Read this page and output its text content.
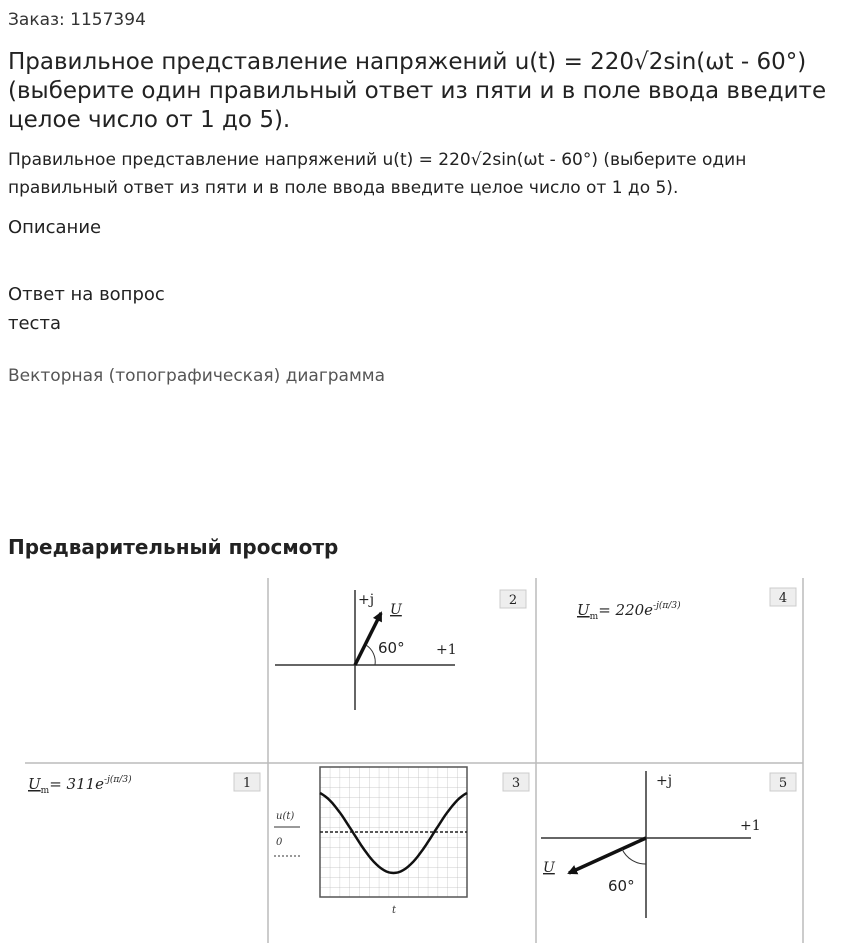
Заказ: 1157394
Правильное представление напряжений u(t) = 220√2sin(ωt - 60°) (выберите один правильный ответ из пяти и в поле ввода введите целое число от 1 до 5).
Правильное представление напряжений u(t) = 220√2sin(ωt - 60°) (выберите один правильный ответ из пяти и в поле ввода введите целое число от 1 до 5).
Описание
Ответ на вопрос теста
Векторная (топографическая) диаграмма
Предварительный просмотр
2	4
1	3	5
+j
+1
U
60°
$U_m= 220e^{-j(\pi/3)}$
$U_m= 311e^{-j(\pi/3)}$
u(t)
0
t
+j
+1
U
60°
